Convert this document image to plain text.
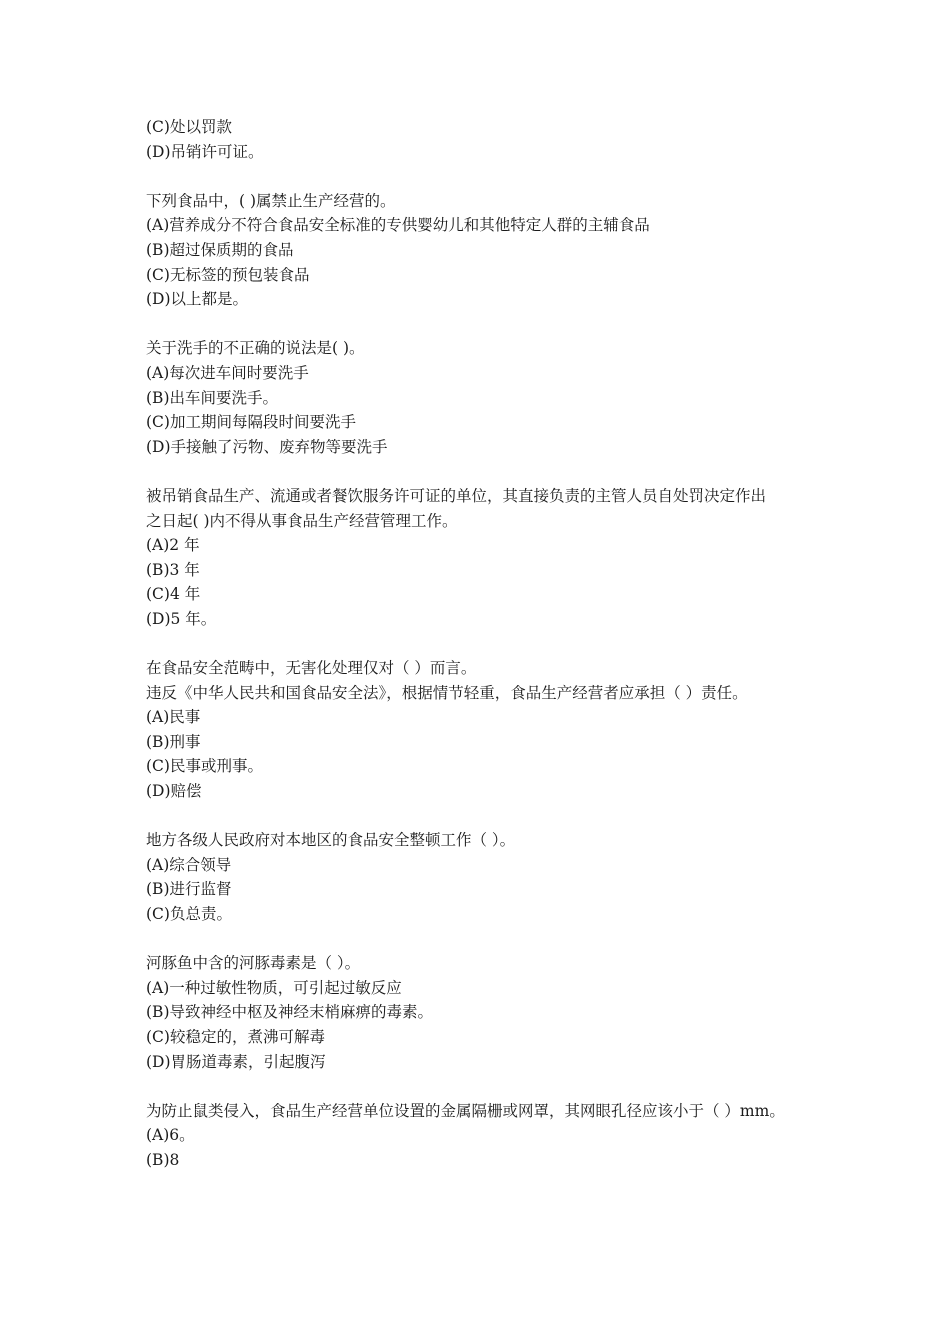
(C)处以罚款
(D)吊销许可证。
下列食品中，( )属禁止生产经营的。
(A)营养成分不符合食品安全标准的专供婴幼儿和其他特定人群的主辅食品
(B)超过保质期的食品
(C)无标签的预包装食品
(D)以上都是。
关于洗手的不正确的说法是( )。
(A)每次进车间时要洗手
(B)出车间要洗手。
(C)加工期间每隔段时间要洗手
(D)手接触了污物、废弃物等要洗手
被吊销食品生产、流通或者餐饮服务许可证的单位，其直接负责的主管人员自处罚决定作出
之日起( )内不得从事食品生产经营管理工作。
(A)2 年
(B)3 年
(C)4 年
(D)5 年。
在食品安全范畴中，无害化处理仅对（ ）而言。
违反《中华人民共和国食品安全法》，根据情节轻重，食品生产经营者应承担（ ）责任。
(A)民事
(B)刑事
(C)民事或刑事。
(D)赔偿
地方各级人民政府对本地区的食品安全整顿工作（ ）。
(A)综合领导
(B)进行监督
(C)负总责。
河豚鱼中含的河豚毒素是（ ）。
(A)一种过敏性物质，可引起过敏反应
(B)导致神经中枢及神经末梢麻痹的毒素。
(C)较稳定的，煮沸可解毒
(D)胃肠道毒素，引起腹泻
为防止鼠类侵入，食品生产经营单位设置的金属隔栅或网罩，其网眼孔径应该小于（ ）mm。
(A)6。
(B)8
